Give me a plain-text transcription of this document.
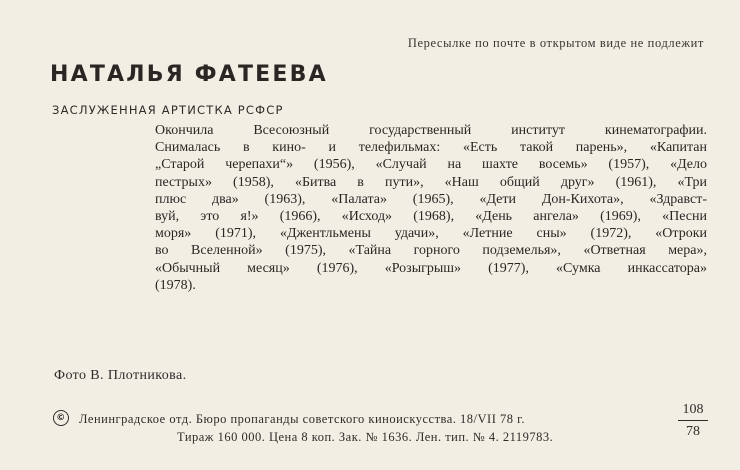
Пересылке по почте в открытом виде не подлежит
НАТАЛЬЯ ФАТЕЕВА
ЗАСЛУЖЕННАЯ АРТИСТКА РСФСР
Окончила Всесоюзный государственный институт кинематографии.
Снималась в кино- и телефильмах: «Есть такой парень», «Капитан
„Старой черепахи“» (1956), «Случай на шахте восемь» (1957), «Дело
пестрых» (1958), «Битва в пути», «Наш общий друг» (1961), «Три
плюс два» (1963), «Палата» (1965), «Дети Дон-Кихота», «Здравст-
вуй, это я!» (1966), «Исход» (1968), «День ангела» (1969), «Песни
моря» (1971), «Джентльмены удачи», «Летние сны» (1972), «Отроки
во Вселенной» (1975), «Тайна горного подземелья», «Ответная мера»,
«Обычный месяц» (1976), «Розыгрыш» (1977), «Сумка инкассатора»
(1978).
Фото В. Плотникова.
© Ленинградское отд. Бюро пропаганды советского киноискусства. 18/VII 78 г.
Тираж 160 000. Цена 8 коп. Зак. № 1636. Лен. тип. № 4. 2119783.
108
78
